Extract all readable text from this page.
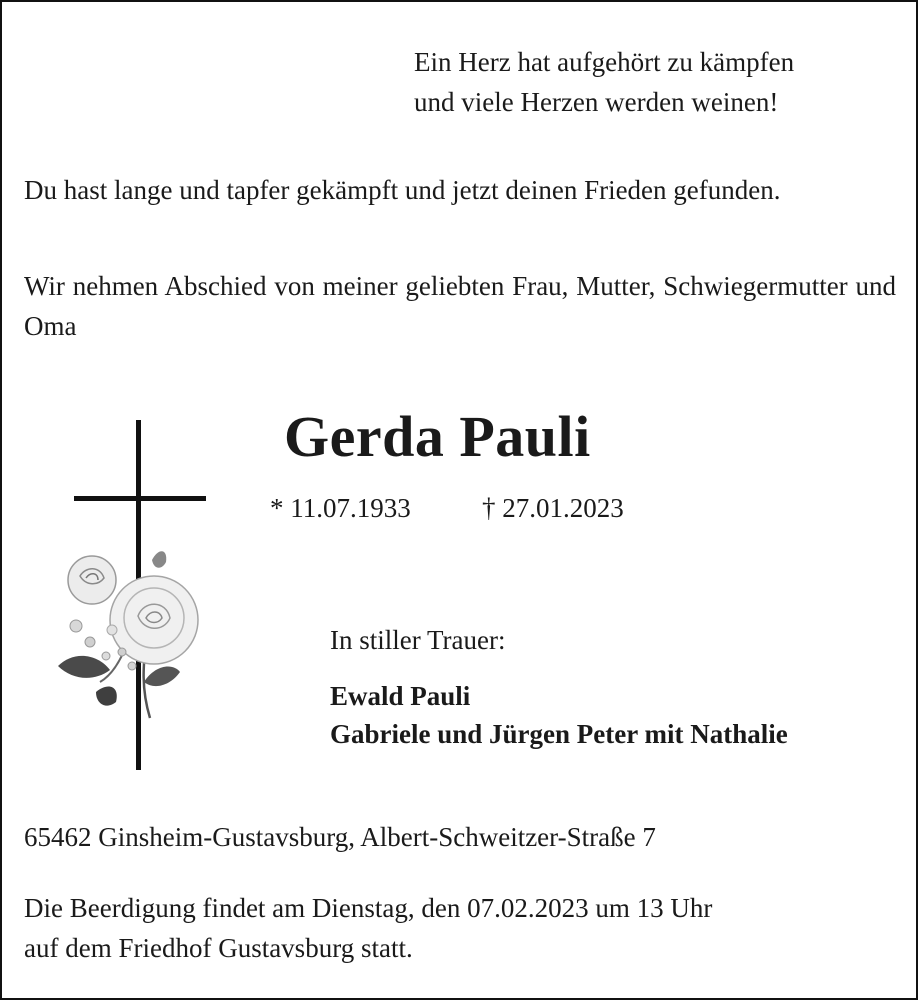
Ein Herz hat aufgehört zu kämpfen
und viele Herzen werden weinen!
Du hast lange und tapfer gekämpft und jetzt deinen Frieden gefunden.
Wir nehmen Abschied von meiner geliebten Frau, Mutter, Schwiegermutter und Oma
Gerda Pauli
* 11.07.1933	† 27.01.2023
In stiller Trauer:
Ewald Pauli
Gabriele und Jürgen Peter mit Nathalie
65462 Ginsheim-Gustavsburg, Albert-Schweitzer-Straße 7
Die Beerdigung findet am Dienstag, den 07.02.2023 um 13 Uhr
auf dem Friedhof Gustavsburg statt.
